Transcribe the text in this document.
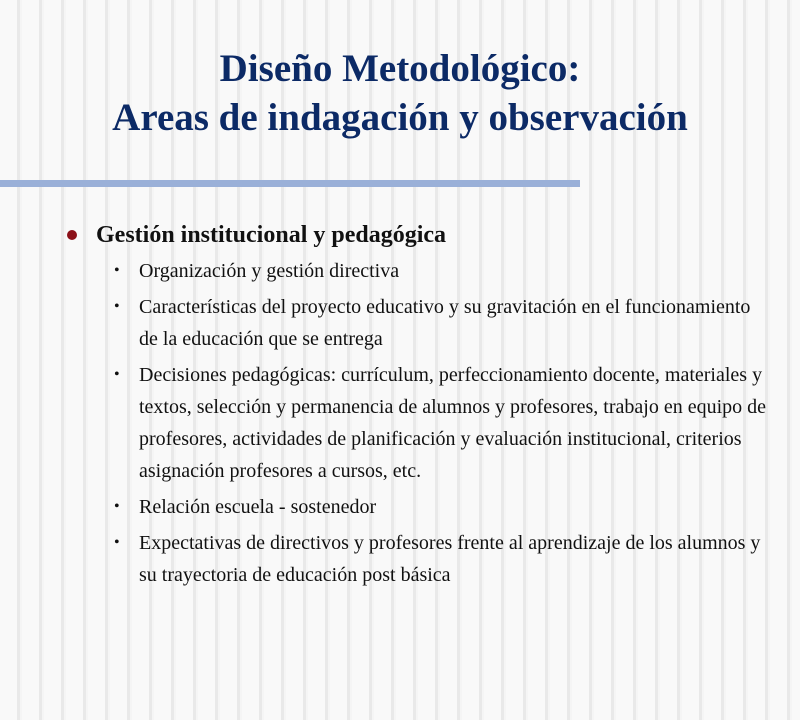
Diseño Metodológico:
Areas de indagación y observación
Gestión institucional y pedagógica
• Organización y gestión directiva
• Características del proyecto educativo y su gravitación en el funcionamiento de la educación que se entrega
• Decisiones pedagógicas: currículum, perfeccionamiento docente, materiales y textos, selección y permanencia de alumnos y profesores, trabajo en equipo de profesores, actividades de planificación y evaluación institucional, criterios asignación profesores a cursos, etc.
• Relación escuela - sostenedor
• Expectativas de directivos y profesores frente al aprendizaje de los alumnos y su trayectoria de educación post básica
